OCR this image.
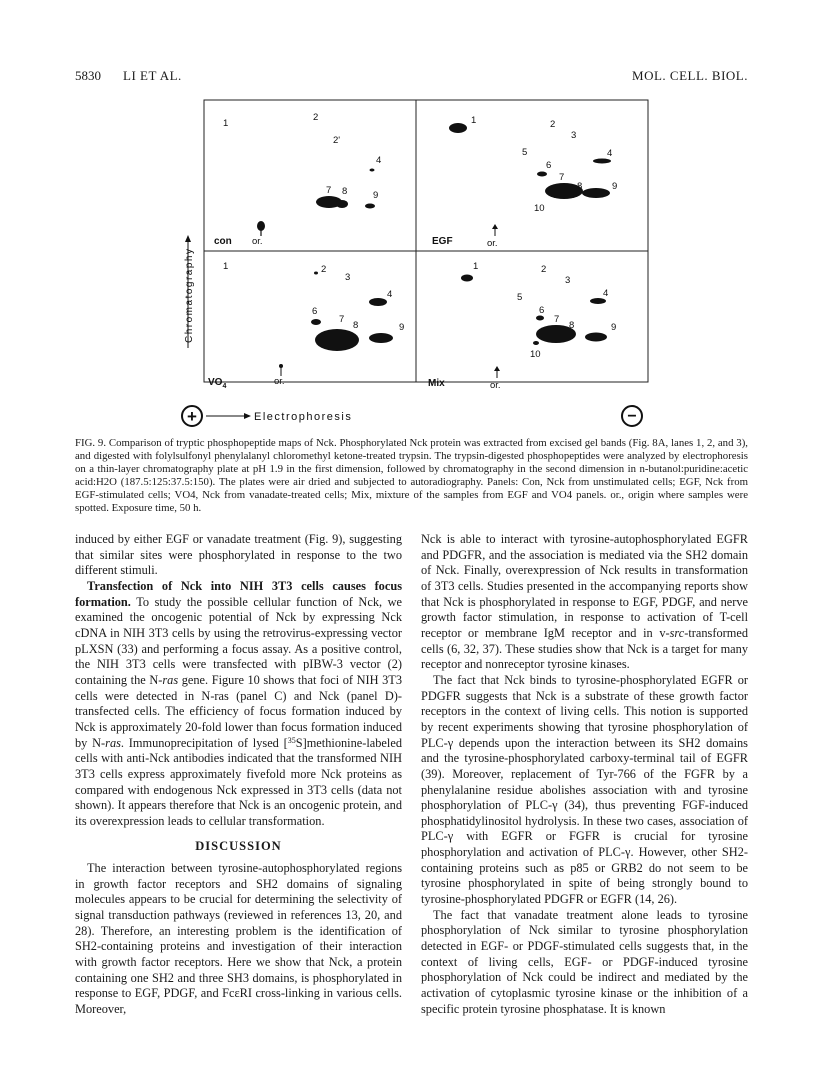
5830 LI ET AL.	MOL. CELL. BIOL.
1
2
2'
4
7 8	9
con or.
1	2
3
4
5
6
7
8	9
10
EGF	or.
1	2
3
4
6
7
8	9
$VO_4$	or.
1	2
3
4
5
6
7
8	9
10
Mix	or.
Chromatography
+	Electrophoresis	−
FIG. 9. Comparison of tryptic phosphopeptide maps of Nck. Phosphorylated Nck protein was extracted from excised gel bands (Fig. 8A, lanes 1, 2, and 3), and digested with folylsulfonyl phenylalanyl chloromethyl ketone-treated trypsin. The trypsin-digested phosphopeptides were analyzed by electrophoresis on a thin-layer chromatography plate at pH 1.9 in the first dimension, followed by chromatography in the second dimension in n-butanol:puridine:acetic acid:H2O (187.5:125:37.5:150). The plates were air dried and subjected to autoradiography. Panels: Con, Nck from unstimulated cells; EGF, Nck from EGF-stimulated cells; VO4, Nck from vanadate-treated cells; Mix, mixture of the samples from EGF and VO4 panels. or., origin where samples were spotted. Exposure time, 50 h.

induced by either EGF or vanadate treatment (Fig. 9), suggesting that similar sites were phosphorylated in response to the two different stimuli.

Transfection of Nck into NIH 3T3 cells causes focus formation. To study the possible cellular function of Nck, we examined the oncogenic potential of Nck by expressing Nck cDNA in NIH 3T3 cells by using the retrovirus-expressing vector pLXSN (33) and performing a focus assay. As a positive control, the NIH 3T3 cells were transfected with pIBW-3 vector (2) containing the N-ras gene. Figure 10 shows that foci of NIH 3T3 cells were detected in N-ras (panel C) and Nck (panel D)-transfected cells. The efficiency of focus formation induced by Nck is approximately 20-fold lower than focus formation induced by N-ras. Immunoprecipitation of lysed [$^{35}$S]methionine-labeled cells with anti-Nck antibodies indicated that the transformed NIH 3T3 cells express approximately fivefold more Nck proteins as compared with endogenous Nck expressed in 3T3 cells (data not shown). It appears therefore that Nck is an oncogenic protein, and its overexpression leads to cellular transformation.

DISCUSSION

The interaction between tyrosine-autophosphorylated regions in growth factor receptors and SH2 domains of signaling molecules appears to be crucial for determining the selectivity of signal transduction pathways (reviewed in references 13, 20, and 28). Therefore, an interesting problem is the identification of SH2-containing proteins and investigation of their interaction with growth factor receptors. Here we show that Nck, a protein containing one SH2 and three SH3 domains, is phosphorylated in response to EGF, PDGF, and FcεRI cross-linking in various cells. Moreover,

Nck is able to interact with tyrosine-autophosphorylated EGFR and PDGFR, and the association is mediated via the SH2 domain of Nck. Finally, overexpression of Nck results in transformation of 3T3 cells. Studies presented in the accompanying reports show that Nck is phosphorylated in response to EGF, PDGF, and nerve growth factor stimulation, in response to activation of T-cell receptor or membrane IgM receptor and in v-src-transformed cells (6, 32, 37). These studies show that Nck is a target for many receptor and nonreceptor tyrosine kinases.

The fact that Nck binds to tyrosine-phosphorylated EGFR or PDGFR suggests that Nck is a substrate of these growth factor receptors in the context of living cells. This notion is supported by recent experiments showing that tyrosine phosphorylation of PLC-γ depends upon the interaction between its SH2 domains and the tyrosine-phosphorylated carboxy-terminal tail of EGFR (39). Moreover, replacement of Tyr-766 of the FGFR by a phenylalanine residue abolishes association with and tyrosine phosphorylation of PLC-γ (34), thus preventing FGF-induced phosphatidylinositol hydrolysis. In these two cases, association of PLC-γ with EGFR or FGFR is crucial for tyrosine phosphorylation and activation of PLC-γ. However, other SH2-containing proteins such as p85 or GRB2 do not seem to be tyrosine phosphorylated in spite of being strongly bound to tyrosine-phosphorylated PDGFR or EGFR (14, 26).

The fact that vanadate treatment alone leads to tyrosine phosphorylation of Nck similar to tyrosine phosphorylation detected in EGF- or PDGF-stimulated cells suggests that, in the context of living cells, EGF- or PDGF-induced tyrosine phosphorylation of Nck could be indirect and mediated by the activation of cytoplasmic tyrosine kinase or the inhibition of a specific protein tyrosine phosphatase. It is known
